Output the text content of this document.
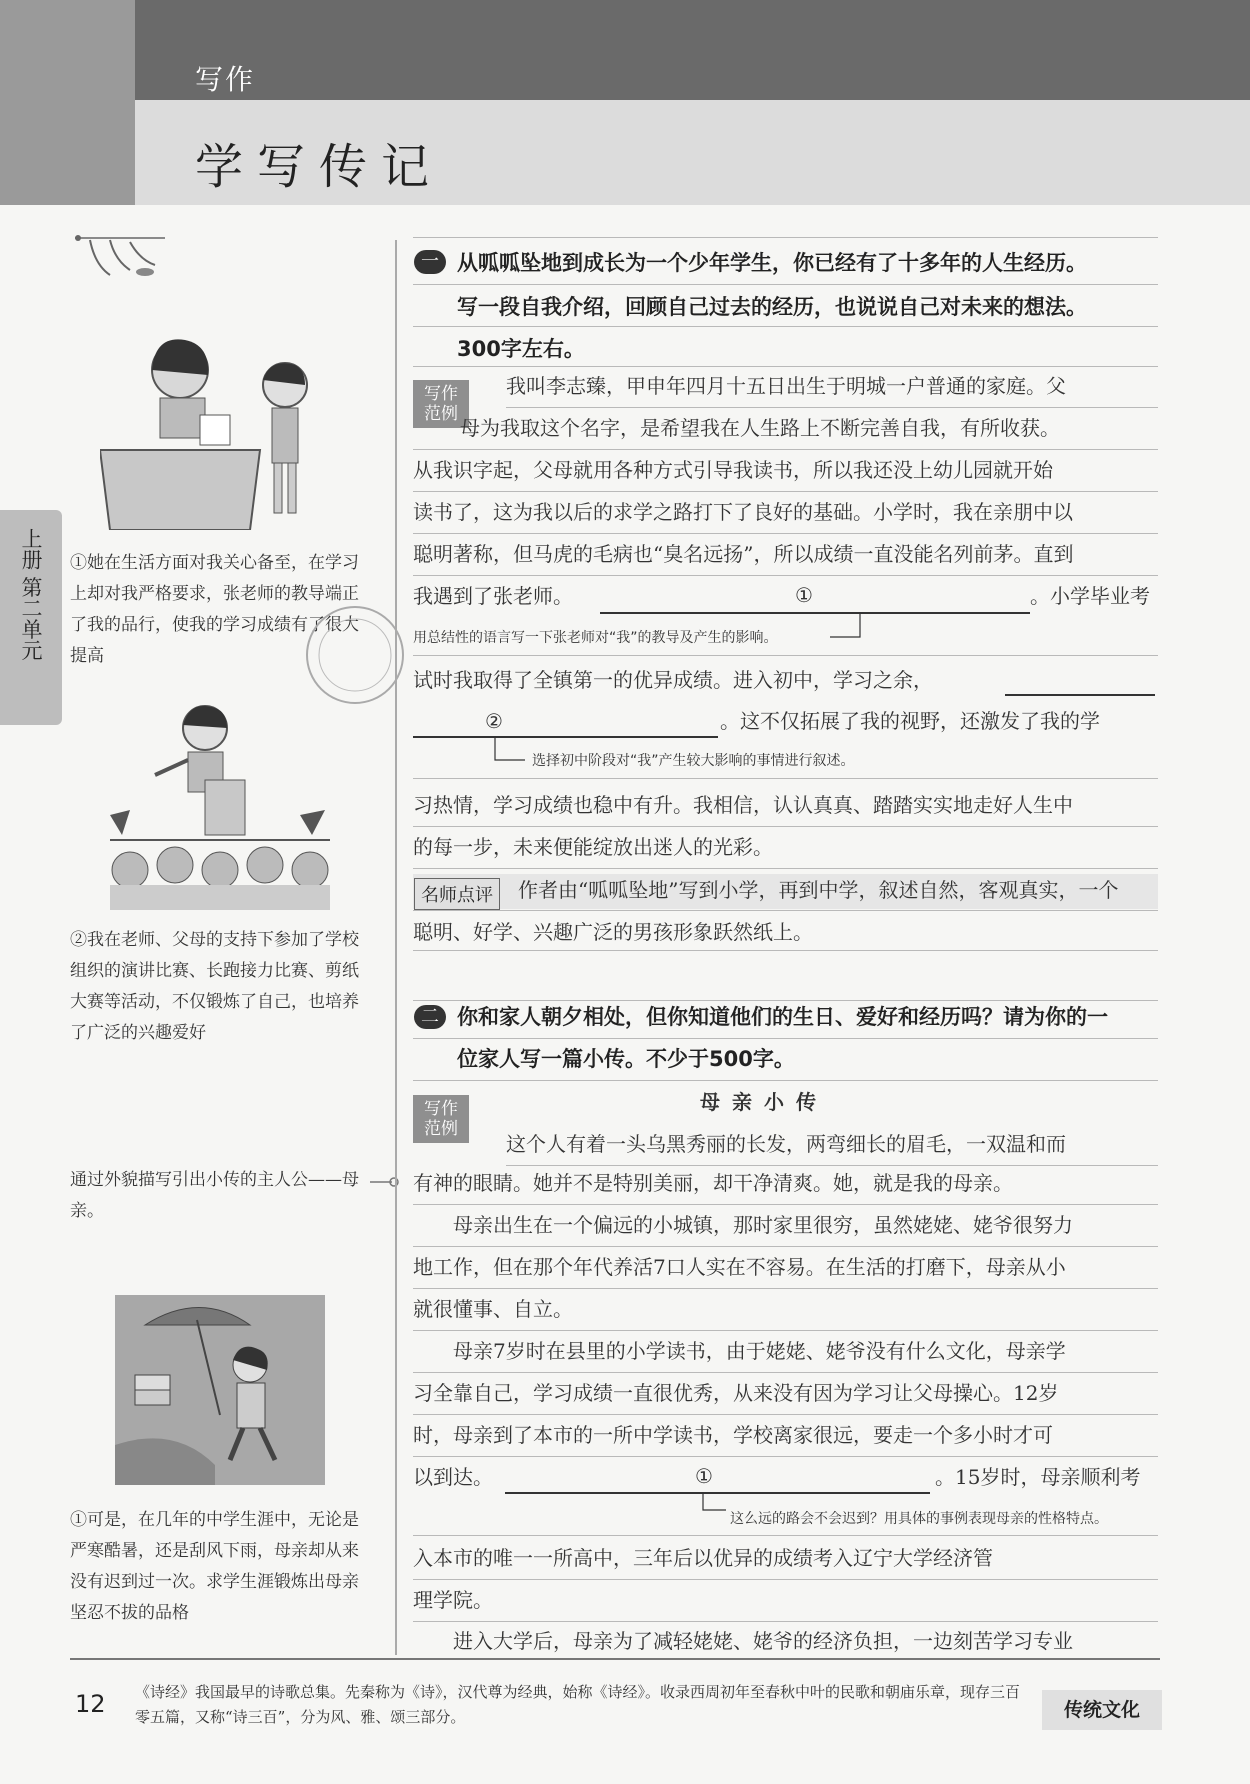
写作
学写传记
上册 第二单元 ①她在生活方面对我关心备至，在学习上却对我严格要求，张老师的教导端正了我的品行，使我的学习成绩有了很大提高
②我在老师、父母的支持下参加了学校组织的演讲比赛、长跑接力比赛、剪纸大赛等活动，不仅锻炼了自己，也培养了广泛的兴趣爱好
通过外貌描写引出小传的主人公——母亲。
①可是，在几年的中学生涯中，无论是严寒酷暑，还是刮风下雨，母亲却从来没有迟到过一次。求学生涯锻炼出母亲坚忍不拔的品格
一 从呱呱坠地到成长为一个少年学生，你已经有了十多年的人生经历。
写一段自我介绍，回顾自己过去的经历，也说说自己对未来的想法。
300字左右。
写作范例
我叫李志臻，甲申年四月十五日出生于明城一户普通的家庭。父
母为我取这个名字，是希望我在人生路上不断完善自我，有所收获。
从我识字起，父母就用各种方式引导我读书，所以我还没上幼儿园就开始
读书了，这为我以后的求学之路打下了良好的基础。小学时，我在亲朋中以
聪明著称，但马虎的毛病也“臭名远扬”，所以成绩一直没能名列前茅。直到
我遇到了张老师。	①	。小学毕业考
用总结性的语言写一下张老师对“我”的教导及产生的影响。
试时我取得了全镇第一的优异成绩。进入初中，学习之余，
②	。这不仅拓展了我的视野，还激发了我的学
选择初中阶段对“我”产生较大影响的事情进行叙述。
习热情，学习成绩也稳中有升。我相信，认认真真、踏踏实实地走好人生中
的每一步，未来便能绽放出迷人的光彩。
名师点评	作者由“呱呱坠地”写到小学，再到中学，叙述自然，客观真实，一个
聪明、好学、兴趣广泛的男孩形象跃然纸上。
二 你和家人朝夕相处，但你知道他们的生日、爱好和经历吗？请为你的一
位家人写一篇小传。不少于500字。
写作范例
母亲小传
这个人有着一头乌黑秀丽的长发，两弯细长的眉毛，一双温和而
有神的眼睛。她并不是特别美丽，却干净清爽。她，就是我的母亲。
母亲出生在一个偏远的小城镇，那时家里很穷，虽然姥姥、姥爷很努力
地工作，但在那个年代养活7口人实在不容易。在生活的打磨下，母亲从小
就很懂事、自立。
母亲7岁时在县里的小学读书，由于姥姥、姥爷没有什么文化，母亲学
习全靠自己，学习成绩一直很优秀，从来没有因为学习让父母操心。12岁
时，母亲到了本市的一所中学读书，学校离家很远，要走一个多小时才可
以到达。	①	。15岁时，母亲顺利考
这么远的路会不会迟到？用具体的事例表现母亲的性格特点。
入本市的唯一一所高中，三年后以优异的成绩考入辽宁大学经济管
理学院。
进入大学后，母亲为了减轻姥姥、姥爷的经济负担，一边刻苦学习专业
12 《诗经》我国最早的诗歌总集。先秦称为《诗》，汉代尊为经典，始称《诗经》。收录西周初年至春秋中叶的民歌和朝庙乐章，现存三百零五篇，又称“诗三百”，分为风、雅、颂三部分。	传统文化
